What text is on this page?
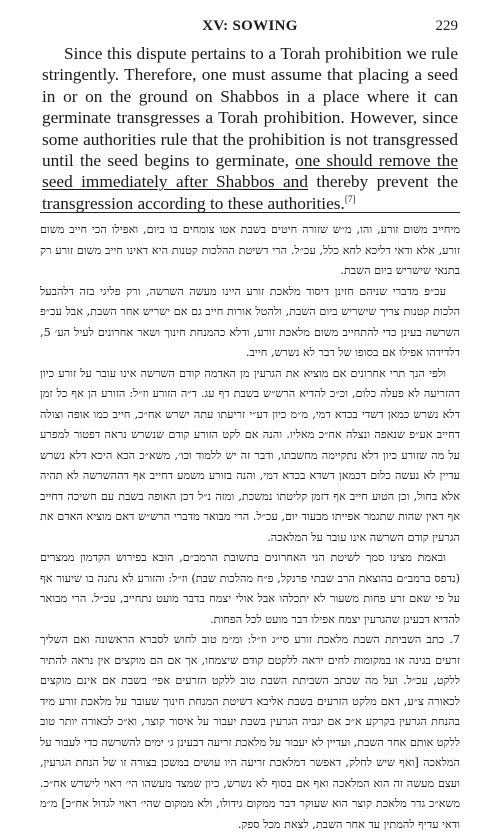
XV: SOWING	229

Since this dispute pertains to a Torah prohibition we rule stringently. Therefore, one must assume that placing a seed in or on the ground on Shabbos in a place where it can germinate transgresses a Torah prohibition. However, since some authorities rule that the prohibition is not transgressed until the seed begins to germinate, one should remove the seed immediately after Shabbos and thereby prevent the transgression according to these authorities.[7]

מיחייב משום זורע, והו, מ״ש שזורה חיטים בשבת אטו צומחים בו ביום, ואפילו הכי חייב משום זורע, אלא ודאי דליכא לחא כלל, עכ״ל. הרי דשיטת ההלכות קטנות היא דאינו חייב משום זורע רק בתנאי שישריש ביום השבת.

עכ״פ מדברי שניהם חזינן דיסוד מלאכת זורע היינו מעשה השרשה, ורק פליגי בזה דלהבעל הלכות קטנות צריך שישריש ביום השבת, ולהטל אורות חייב גם אם ישריש אחר השבת, אבל עכ״פ השרשה בעינן כדי להתחייב משום מלאכת זורע, ודלא כהמנחת חינוך ושאר אחרונים לעיל הע׳ 5, דלדידהו אפילו אם בסופו של דבר לא נשרש, חייב.

ולפי הנך תרי אחרונים אם מוציא את הגרעין מן האדמה קודם השרשה אינו עובר על זורע כיון דהזריעה לא פעלה כלום, וכ״כ להדיא הרש״ש בשבת דף עג. ד״ה הזורע וז״ל: הזורע הן אף כל זמן דלא נשרש כמאן דשדי בכדא דמי, מ״מ כיון דע״י זריעתו עתה ישרש אח״כ, חייב כמו אופה וצולה דחייב אע״פ שנאפה ונצלה אח״כ מאליו. והנה אם לקט הזורע קודם שנשרש נראה דפטור למפרע על מה שזורע כיון דלא נתקיימה מחשבתו, ודבר זה יש ללמוד וכו׳, משא״כ הכא היכא דלא נשרש עדיין לא נעשה כלום דכמאן דשדא בכדא דמי, והנה בזורע משמע דחייב אף דההשרשה לא תהיה אלא בחול, וכן הטוע חייב אף דזמן קליטתו נמשכת, ומזה נ״ל דכן האופה בשבת עם חשיכה דחייב אף דאין שהות שתגמר אפייתו מבעוד יום, עכ״ל. הרי מבואר מדברי הרש״ש דאם מוציא האדם את הגרעין קודם השרשה אינו עובר על המלאכה.

ובאמת מצינו סמך לשיטת הני האחרונים בתשובת הרמב״ם, הובא בפירוש הקדמון ממצרים (נדפס ברמב״ם בהוצאת הרב שבתי פרנקל, פ״ח מהלכות שבת) וז״ל: והזורע לא נתנה בו שיעור אף על פי שאם זרע פחות משעור לא יתכלהו אבל אולי יצמח בדבר מועט נתחייב, עכ״ל. הרי מבואר להדיא דבעינן שהגרעין יצמח אפילו דבר מועט לכל הפחות.

7. כתב השביתת השבת מלאכת זורע סי״ג וז״ל: ומ״מ טוב לחוש לסברא הראשונה ואם השליך זרעים בגינה או במקומות לחים יראה ללקטם קודם שיצמחו, אך אם הם מוקצים אין נראה להתיר ללקט, עכ״ל. ועל מה שכתב השביתת השבת טוב ללקט הזרעים אפי׳ בשבת אם אינם מוקצים לכאורה צ״ע, דאם מלקט הזרעים בשבת אליבא דשיטת המנחת חינוך שעובר על מלאכת זורע מיד בהנחת הגרעין בקרקע א״כ אם יגביה הגרעין בשבת יעבור על איסור קוצר, וא״כ לכאורה יותר טוב ללקט אותם אחר השבת, ועדיין לא יעבור על מלאכת זריעה דבעינן ג׳ ימים להשרשה כדי לעבור על המלאכה [ואף שיש לחלק, דאפשר דמלאכת זריעה היו עושים במשכן בצורה זו של הנחת הגרעין, ועצם מעשה זה הוא המלאכה ואף אם בסוף לא נשרש, כיון שמצד מעשהו הי׳ ראוי לישרש אח״כ. משא״כ גדר מלאכת קוצר הוא שעוקר דבר ממקום גידולו, ולא ממקום שהי׳ ראוי לגדול אח״כ] מ״מ ודאי עדיף להמתין עד אחר השבת, לצאת מכל ספק.
